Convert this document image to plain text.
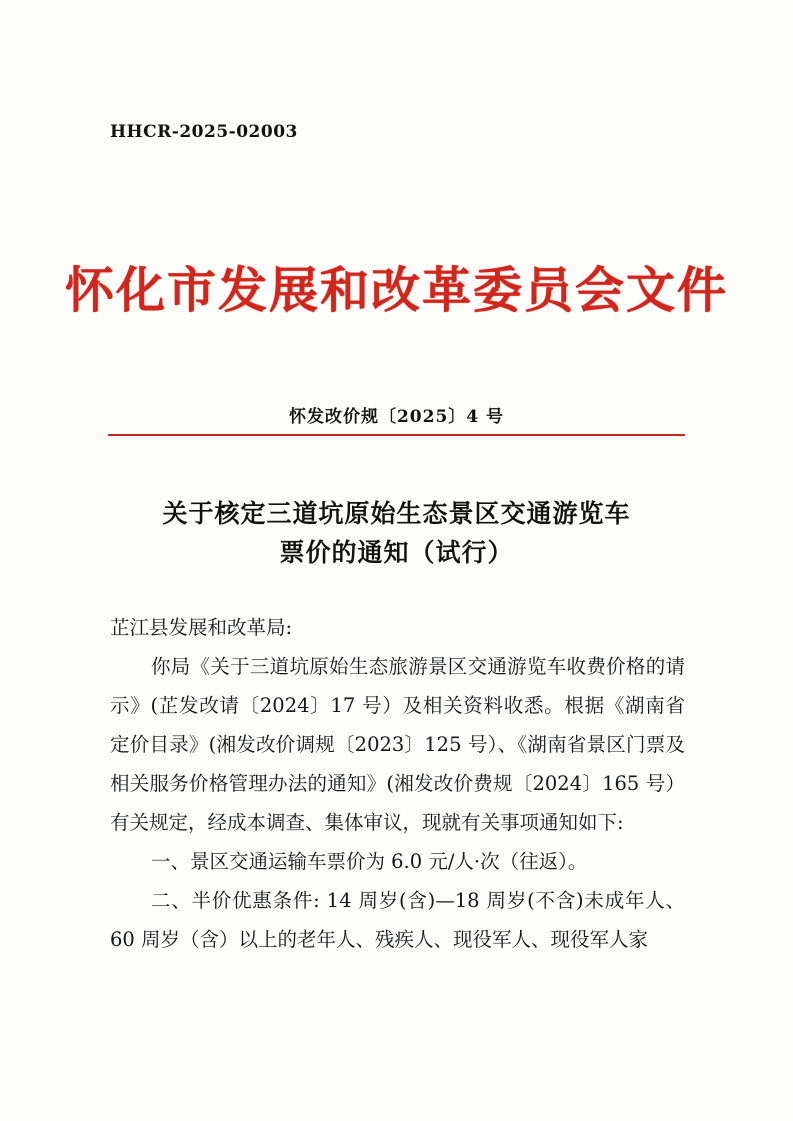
HHCR-2025-02003
怀化市发展和改革委员会文件
怀发改价规〔2025〕4 号
关于核定三道坑原始生态景区交通游览车
票价的通知（试行）

芷江县发展和改革局:

你局《关于三道坑原始生态旅游景区交通游览车收费价格的请示》(芷发改请〔2024〕17 号）及相关资料收悉。根据《湖南省定价目录》(湘发改价调规〔2023〕125 号）、《湖南省景区门票及相关服务价格管理办法的通知》(湘发改价费规〔2024〕165 号）有关规定，经成本调查、集体审议，现就有关事项通知如下:

一、景区交通运输车票价为 6.0 元/人·次（往返）。

二、半价优惠条件: 14 周岁(含)—18 周岁(不含)未成年人、60 周岁（含）以上的老年人、残疾人、现役军人、现役军人家
